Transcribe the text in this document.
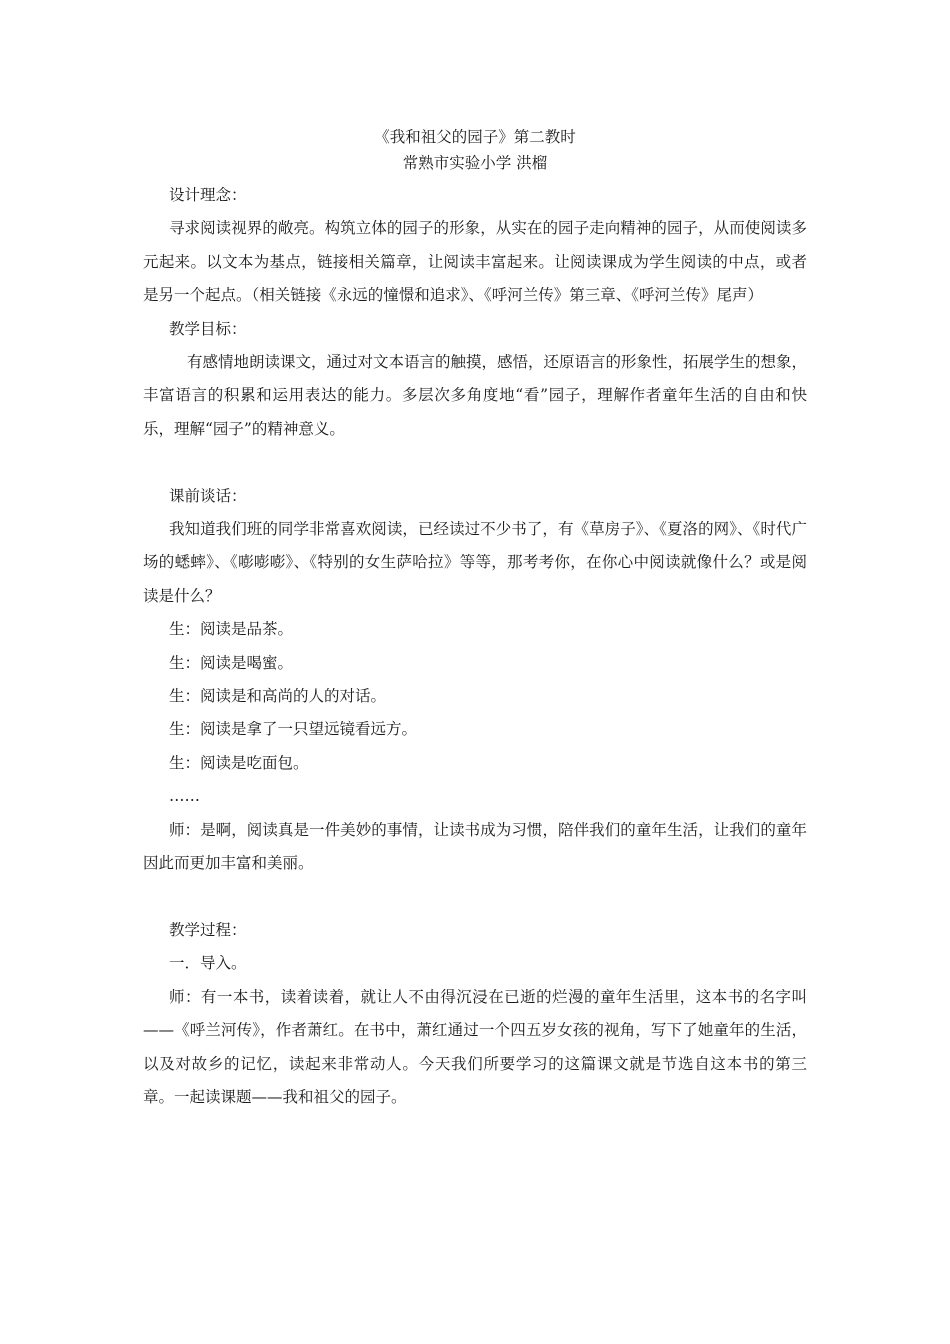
《我和祖父的园子》第二教时

常熟市实验小学 洪榴

设计理念：

寻求阅读视界的敞亮。构筑立体的园子的形象，从实在的园子走向精神的园子，从而使阅读多元起来。以文本为基点，链接相关篇章，让阅读丰富起来。让阅读课成为学生阅读的中点，或者是另一个起点。（相关链接《永远的憧憬和追求》、《呼河兰传》第三章、《呼河兰传》尾声）

教学目标：

有感情地朗读课文，通过对文本语言的触摸，感悟，还原语言的形象性，拓展学生的想象，丰富语言的积累和运用表达的能力。多层次多角度地“看”园子，理解作者童年生活的自由和快乐，理解“园子”的精神意义。

课前谈话：

我知道我们班的同学非常喜欢阅读，已经读过不少书了，有《草房子》、《夏洛的网》、《时代广场的蟋蟀》、《嘭嘭嘭》、《特别的女生萨哈拉》等等，那考考你，在你心中阅读就像什么？或是阅读是什么？

生：阅读是品茶。

生：阅读是喝蜜。

生：阅读是和高尚的人的对话。

生：阅读是拿了一只望远镜看远方。

生：阅读是吃面包。

……

师：是啊，阅读真是一件美妙的事情，让读书成为习惯，陪伴我们的童年生活，让我们的童年因此而更加丰富和美丽。

教学过程：

一．导入。

师：有一本书，读着读着，就让人不由得沉浸在已逝的烂漫的童年生活里，这本书的名字叫——《呼兰河传》，作者萧红。在书中，萧红通过一个四五岁女孩的视角，写下了她童年的生活，以及对故乡的记忆，读起来非常动人。今天我们所要学习的这篇课文就是节选自这本书的第三章。一起读课题——我和祖父的园子。
